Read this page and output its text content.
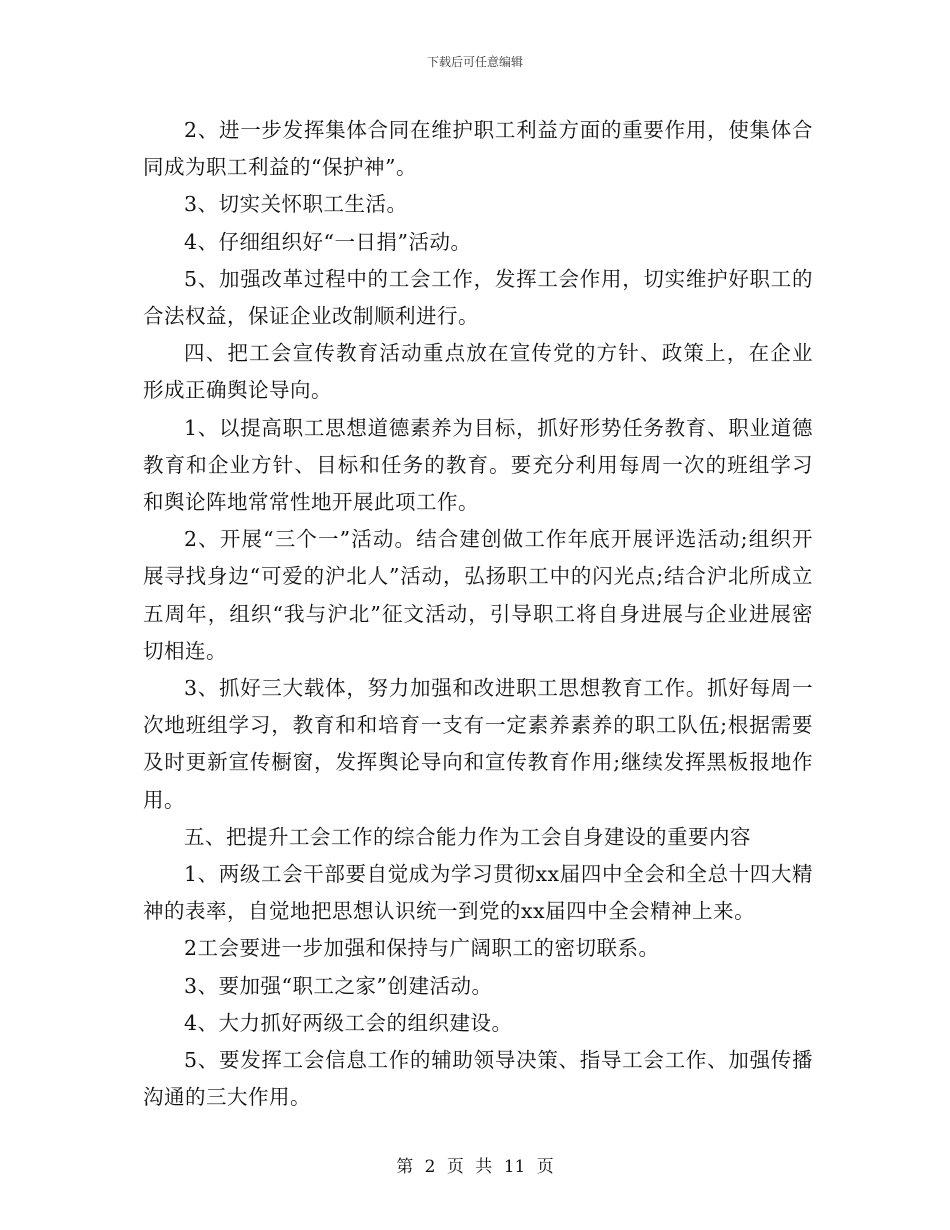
下载后可任意编辑

2、进一步发挥集体合同在维护职工利益方面的重要作用，使集体合同成为职工利益的“保护神”。

3、切实关怀职工生活。

4、仔细组织好“一日捐”活动。

5、加强改革过程中的工会工作，发挥工会作用，切实维护好职工的合法权益，保证企业改制顺利进行。

四、把工会宣传教育活动重点放在宣传党的方针、政策上，在企业形成正确舆论导向。

1、以提高职工思想道德素养为目标，抓好形势任务教育、职业道德教育和企业方针、目标和任务的教育。要充分利用每周一次的班组学习和舆论阵地常常性地开展此项工作。

2、开展“三个一”活动。结合建创做工作年底开展评选活动;组织开展寻找身边“可爱的沪北人”活动，弘扬职工中的闪光点;结合沪北所成立五周年，组织“我与沪北”征文活动，引导职工将自身进展与企业进展密切相连。

3、抓好三大载体，努力加强和改进职工思想教育工作。抓好每周一次地班组学习，教育和和培育一支有一定素养素养的职工队伍;根据需要及时更新宣传橱窗，发挥舆论导向和宣传教育作用;继续发挥黑板报地作用。

五、把提升工会工作的综合能力作为工会自身建设的重要内容

1、两级工会干部要自觉成为学习贯彻xx届四中全会和全总十四大精神的表率，自觉地把思想认识统一到党的xx届四中全会精神上来。

2工会要进一步加强和保持与广阔职工的密切联系。

3、要加强“职工之家”创建活动。

4、大力抓好两级工会的组织建设。

5、要发挥工会信息工作的辅助领导决策、指导工会工作、加强传播沟通的三大作用。

第 2 页 共 11 页
